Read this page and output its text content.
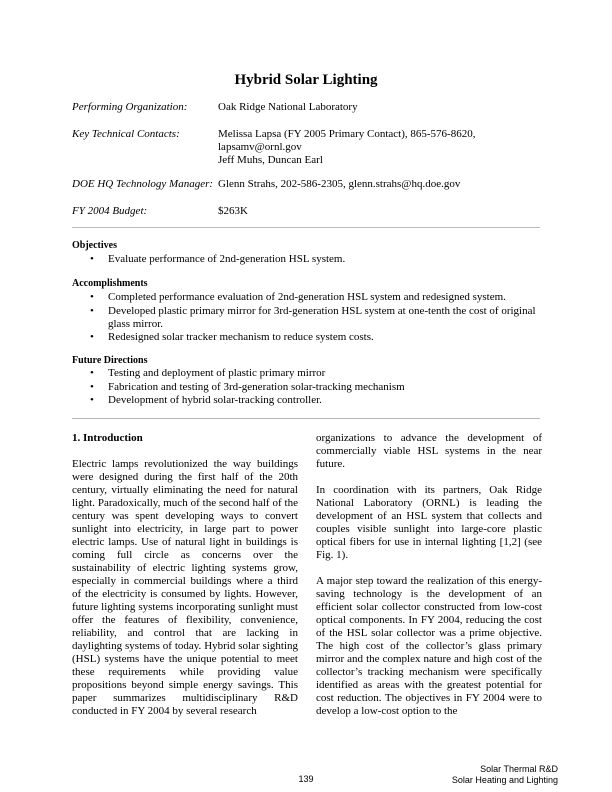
Hybrid Solar Lighting
Performing Organization:	Oak Ridge National Laboratory
Key Technical Contacts:	Melissa Lapsa (FY 2005 Primary Contact), 865-576-8620,
lapsamv@ornl.gov
Jeff Muhs, Duncan Earl
DOE HQ Technology Manager: Glenn Strahs, 202-586-2305, glenn.strahs@hq.doe.gov
FY 2004 Budget:	$263K
Objectives
• Evaluate performance of 2nd-generation HSL system.
Accomplishments
• Completed performance evaluation of 2nd-generation HSL system and redesigned system.
• Developed plastic primary mirror for 3rd-generation HSL system at one-tenth the cost of original glass mirror.
• Redesigned solar tracker mechanism to reduce system costs.
Future Directions
• Testing and deployment of plastic primary mirror
• Fabrication and testing of 3rd-generation solar-tracking mechanism
• Development of hybrid solar-tracking controller.
1. Introduction

Electric lamps revolutionized the way buildings were designed during the first half of the 20th century, virtually eliminating the need for natural light. Paradoxically, much of the second half of the century was spent developing ways to convert sunlight into electricity, in large part to power electric lamps. Use of natural light in buildings is coming full circle as concerns over the sustainability of electric lighting systems grow, especially in commercial buildings where a third of the electricity is consumed by lights. However, future lighting systems incorporating sunlight must offer the features of flexibility, convenience, reliability, and control that are lacking in daylighting systems of today. Hybrid solar sighting (HSL) systems have the unique potential to meet these requirements while providing value propositions beyond simple energy savings. This paper summarizes multidisciplinary R&D conducted in FY 2004 by several research

organizations to advance the development of commercially viable HSL systems in the near future.

In coordination with its partners, Oak Ridge National Laboratory (ORNL) is leading the development of an HSL system that collects and couples visible sunlight into large-core plastic optical fibers for use in internal lighting [1,2] (see Fig. 1).

A major step toward the realization of this energy-saving technology is the development of an efficient solar collector constructed from low-cost optical components. In FY 2004, reducing the cost of the HSL solar collector was a prime objective. The high cost of the collector’s glass primary mirror and the complex nature and high cost of the collector’s tracking mechanism were specifically identified as areas with the greatest potential for cost reduction. The objectives in FY 2004 were to develop a low-cost option to the

139
Solar Thermal R&D
Solar Heating and Lighting
